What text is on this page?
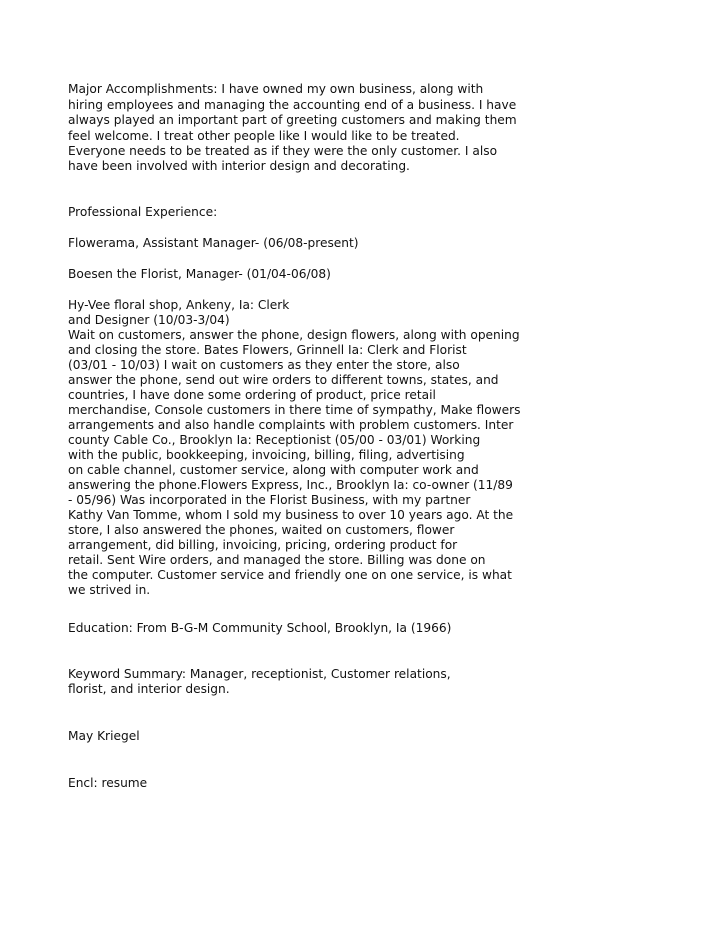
Major Accomplishments: I have owned my own business, along with
hiring employees and managing the accounting end of a business. I have
always played an important part of greeting customers and making them
feel welcome. I treat other people like I would like to be treated.
Everyone needs to be treated as if they were the only customer. I also
have been involved with interior design and decorating.
Professional Experience:
Flowerama, Assistant Manager- (06/08-present)
Boesen the Florist, Manager- (01/04-06/08)
Hy-Vee floral shop, Ankeny, Ia: Clerk
and Designer (10/03-3/04)
Wait on customers, answer the phone, design flowers, along with opening
and closing the store. Bates Flowers, Grinnell Ia: Clerk and Florist
(03/01 - 10/03) I wait on customers as they enter the store, also
answer the phone, send out wire orders to different towns, states, and
countries, I have done some ordering of product, price retail
merchandise, Console customers in there time of sympathy, Make flowers
arrangements and also handle complaints with problem customers. Inter
county Cable Co., Brooklyn Ia: Receptionist (05/00 - 03/01) Working
with the public, bookkeeping, invoicing, billing, filing, advertising
on cable channel, customer service, along with computer work and
answering the phone.Flowers Express, Inc., Brooklyn Ia: co-owner (11/89
- 05/96) Was incorporated in the Florist Business, with my partner
Kathy Van Tomme, whom I sold my business to over 10 years ago. At the
store, I also answered the phones, waited on customers, flower
arrangement, did billing, invoicing, pricing, ordering product for
retail. Sent Wire orders, and managed the store. Billing was done on
the computer. Customer service and friendly one on one service, is what
we strived in.
Education: From B-G-M Community School, Brooklyn, Ia (1966)
Keyword Summary: Manager, receptionist, Customer relations,
florist, and interior design.
May Kriegel
Encl: resume
